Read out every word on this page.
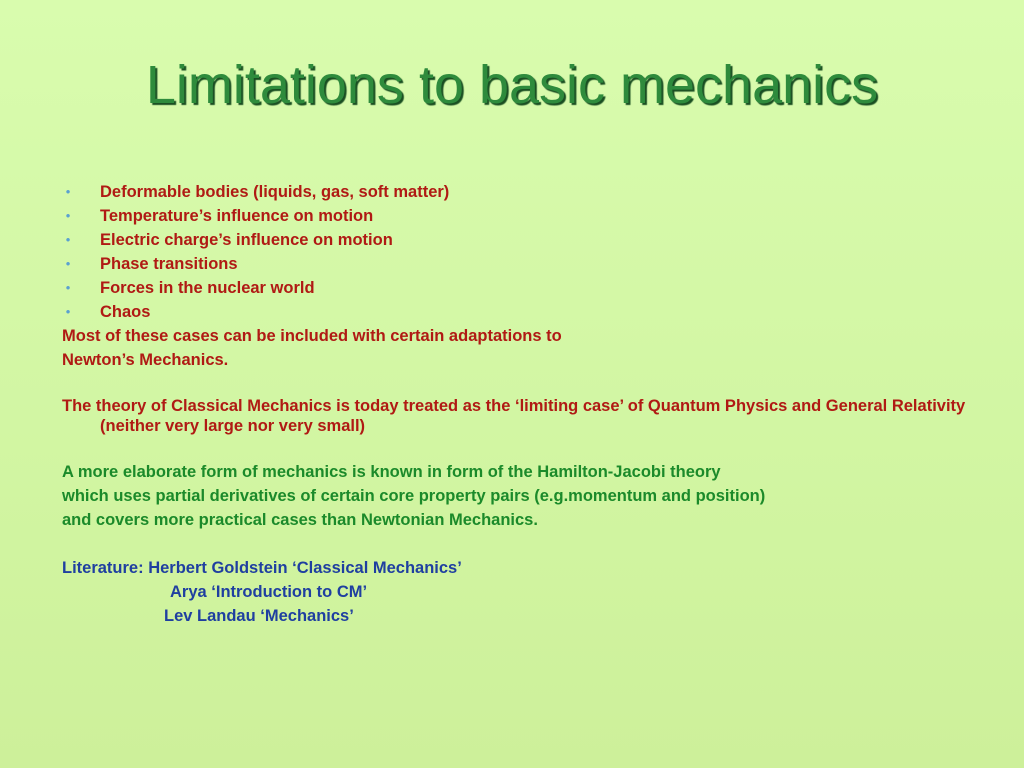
Limitations to basic mechanics
• Deformable bodies (liquids, gas, soft matter)
• Temperature’s influence on motion
• Electric charge’s influence on motion
• Phase transitions
• Forces in the nuclear world
• Chaos

Most of these cases can be included with certain adaptations to

Newton’s Mechanics.

The theory of Classical Mechanics is today treated as the ‘limiting case’ of Quantum Physics and General Relativity (neither very large nor very small)

A more elaborate form of mechanics is known in form of the Hamilton-Jacobi theory

which uses partial derivatives of certain core property pairs (e.g.momentum and position)

and covers more practical cases than Newtonian Mechanics.

Literature: Herbert Goldstein ‘Classical Mechanics’

Arya ‘Introduction to CM’

Lev Landau ‘Mechanics’
